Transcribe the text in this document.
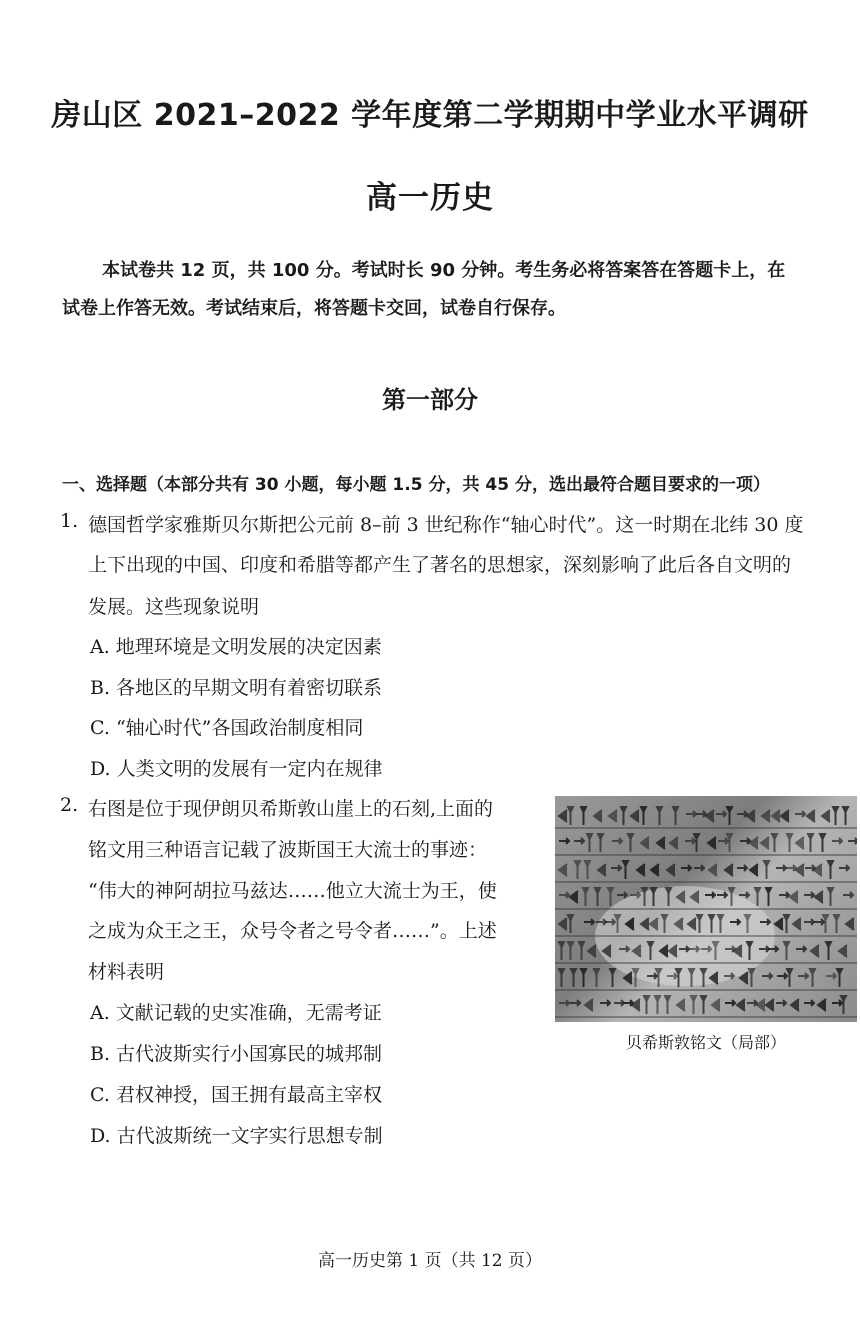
房山区 2021–2022 学年度第二学期期中学业水平调研
高一历史
本试卷共 12 页，共 100 分。考试时长 90 分钟。考生务必将答案答在答题卡上，在
试卷上作答无效。考试结束后，将答题卡交回，试卷自行保存。
第一部分
一、选择题（本部分共有 30 小题，每小题 1.5 分，共 45 分，选出最符合题目要求的一项）
1. 德国哲学家雅斯贝尔斯把公元前 8–前 3 世纪称作“轴心时代”。这一时期在北纬 30 度
上下出现的中国、印度和希腊等都产生了著名的思想家，深刻影响了此后各自文明的
发展。这些现象说明
A. 地理环境是文明发展的决定因素
B. 各地区的早期文明有着密切联系
C. “轴心时代”各国政治制度相同
D. 人类文明的发展有一定内在规律
2. 右图是位于现伊朗贝希斯敦山崖上的石刻,上面的
铭文用三种语言记载了波斯国王大流士的事迹：
“伟大的神阿胡拉马兹达……他立大流士为王，使
之成为众王之王，众号令者之号令者……”。上述
材料表明
A. 文献记载的史实准确，无需考证
B. 古代波斯实行小国寡民的城邦制
C. 君权神授，国王拥有最高主宰权
D. 古代波斯统一文字实行思想专制
贝希斯敦铭文（局部）
高一历史第 1 页（共 12 页）
